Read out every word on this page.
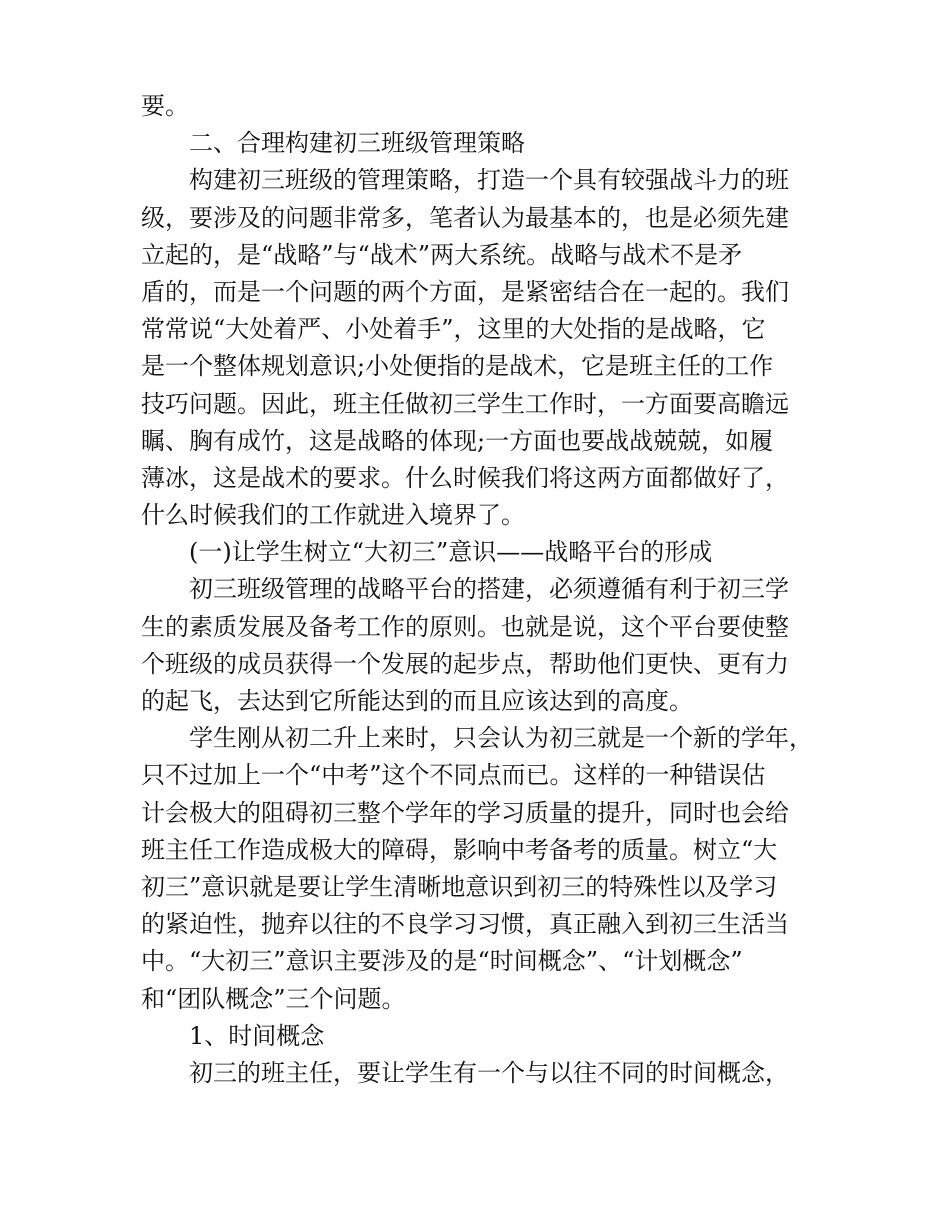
要。
二、合理构建初三班级管理策略
构建初三班级的管理策略，打造一个具有较强战斗力的班
级，要涉及的问题非常多，笔者认为最基本的，也是必须先建
立起的，是“战略”与“战术”两大系统。战略与战术不是矛
盾的，而是一个问题的两个方面，是紧密结合在一起的。我们
常常说“大处着严、小处着手”，这里的大处指的是战略，它
是一个整体规划意识;小处便指的是战术，它是班主任的工作
技巧问题。因此，班主任做初三学生工作时，一方面要高瞻远
瞩、胸有成竹，这是战略的体现;一方面也要战战兢兢，如履
薄冰，这是战术的要求。什么时候我们将这两方面都做好了，
什么时候我们的工作就进入境界了。
(一)让学生树立“大初三”意识——战略平台的形成
初三班级管理的战略平台的搭建，必须遵循有利于初三学
生的素质发展及备考工作的原则。也就是说，这个平台要使整
个班级的成员获得一个发展的起步点，帮助他们更快、更有力
的起飞，去达到它所能达到的而且应该达到的高度。
学生刚从初二升上来时，只会认为初三就是一个新的学年，
只不过加上一个“中考”这个不同点而已。这样的一种错误估
计会极大的阻碍初三整个学年的学习质量的提升，同时也会给
班主任工作造成极大的障碍，影响中考备考的质量。树立“大
初三”意识就是要让学生清晰地意识到初三的特殊性以及学习
的紧迫性，抛弃以往的不良学习习惯，真正融入到初三生活当
中。“大初三”意识主要涉及的是“时间概念”、“计划概念”
和“团队概念”三个问题。
1、时间概念
初三的班主任，要让学生有一个与以往不同的时间概念，
